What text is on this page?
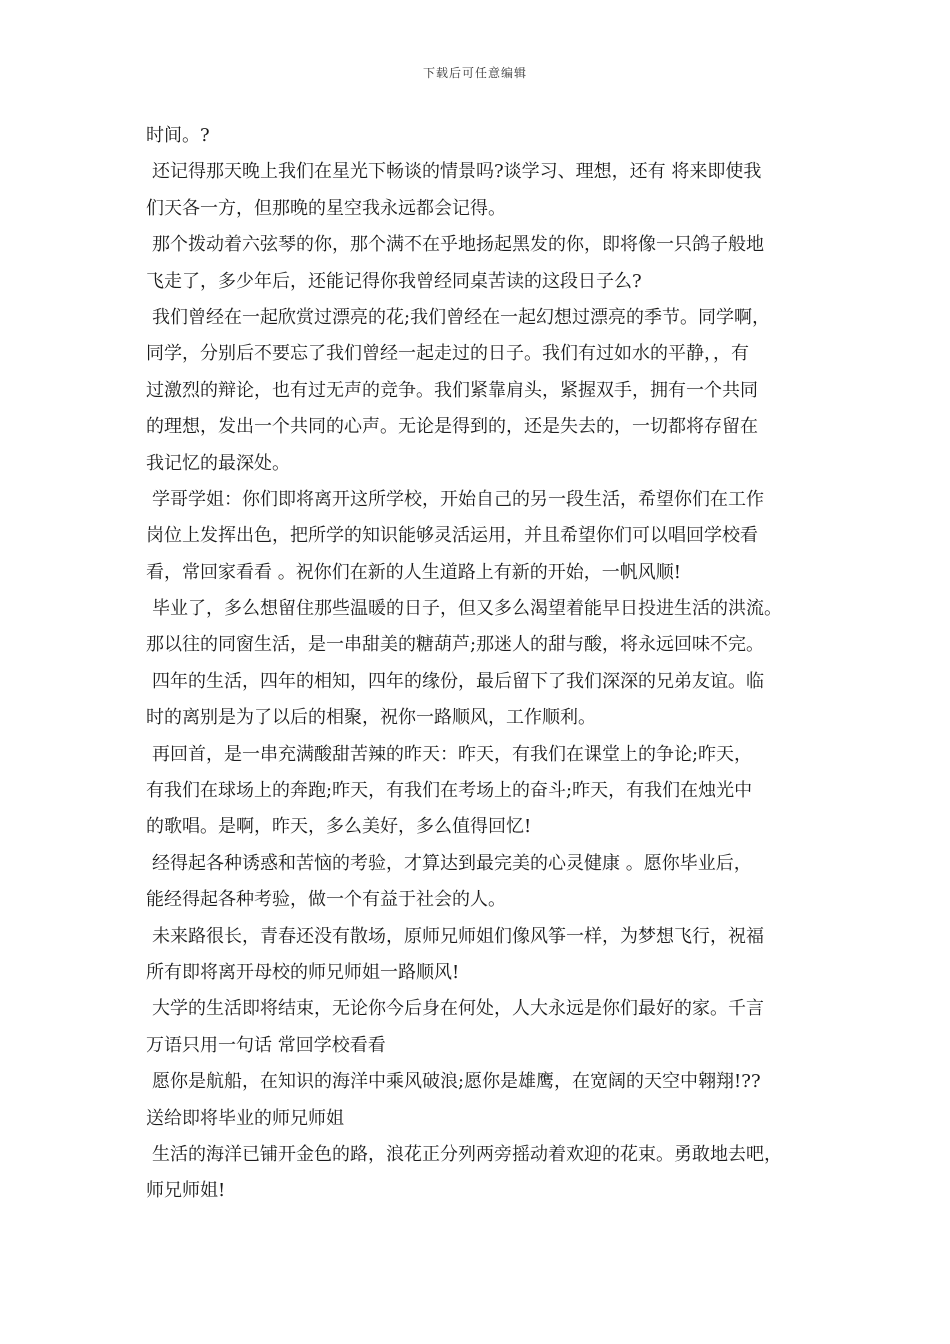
下载后可任意编辑
时间。?
还记得那天晚上我们在星光下畅谈的情景吗?谈学习、理想，还有 将来即使我
们天各一方，但那晚的星空我永远都会记得。
那个拨动着六弦琴的你，那个满不在乎地扬起黑发的你，即将像一只鸽子般地
飞走了，多少年后，还能记得你我曾经同桌苦读的这段日子么?
我们曾经在一起欣赏过漂亮的花;我们曾经在一起幻想过漂亮的季节。同学啊，
同学，分别后不要忘了我们曾经一起走过的日子。我们有过如水的平静，，有
过激烈的辩论，也有过无声的竞争。我们紧靠肩头，紧握双手，拥有一个共同
的理想，发出一个共同的心声。无论是得到的，还是失去的，一切都将存留在
我记忆的最深处。
学哥学姐：你们即将离开这所学校，开始自己的另一段生活，希望你们在工作
岗位上发挥出色，把所学的知识能够灵活运用，并且希望你们可以唱回学校看
看，常回家看看 。祝你们在新的人生道路上有新的开始，一帆风顺!
毕业了，多么想留住那些温暖的日子，但又多么渴望着能早日投进生活的洪流。
那以往的同窗生活，是一串甜美的糖葫芦;那迷人的甜与酸，将永远回味不完。
四年的生活，四年的相知，四年的缘份，最后留下了我们深深的兄弟友谊。临
时的离别是为了以后的相聚，祝你一路顺风，工作顺利。
再回首，是一串充满酸甜苦辣的昨天：昨天，有我们在课堂上的争论;昨天，
有我们在球场上的奔跑;昨天，有我们在考场上的奋斗;昨天，有我们在烛光中
的歌唱。是啊，昨天，多么美好，多么值得回忆!
经得起各种诱惑和苦恼的考验，才算达到最完美的心灵健康 。愿你毕业后，
能经得起各种考验，做一个有益于社会的人。
未来路很长，青春还没有散场，原师兄师姐们像风筝一样，为梦想飞行，祝福
所有即将离开母校的师兄师姐一路顺风!
大学的生活即将结束，无论你今后身在何处，人大永远是你们最好的家。千言
万语只用一句话 常回学校看看
愿你是航船，在知识的海洋中乘风破浪;愿你是雄鹰，在宽阔的天空中翱翔!??
送给即将毕业的师兄师姐
生活的海洋已铺开金色的路，浪花正分列两旁摇动着欢迎的花束。勇敢地去吧，
师兄师姐!
